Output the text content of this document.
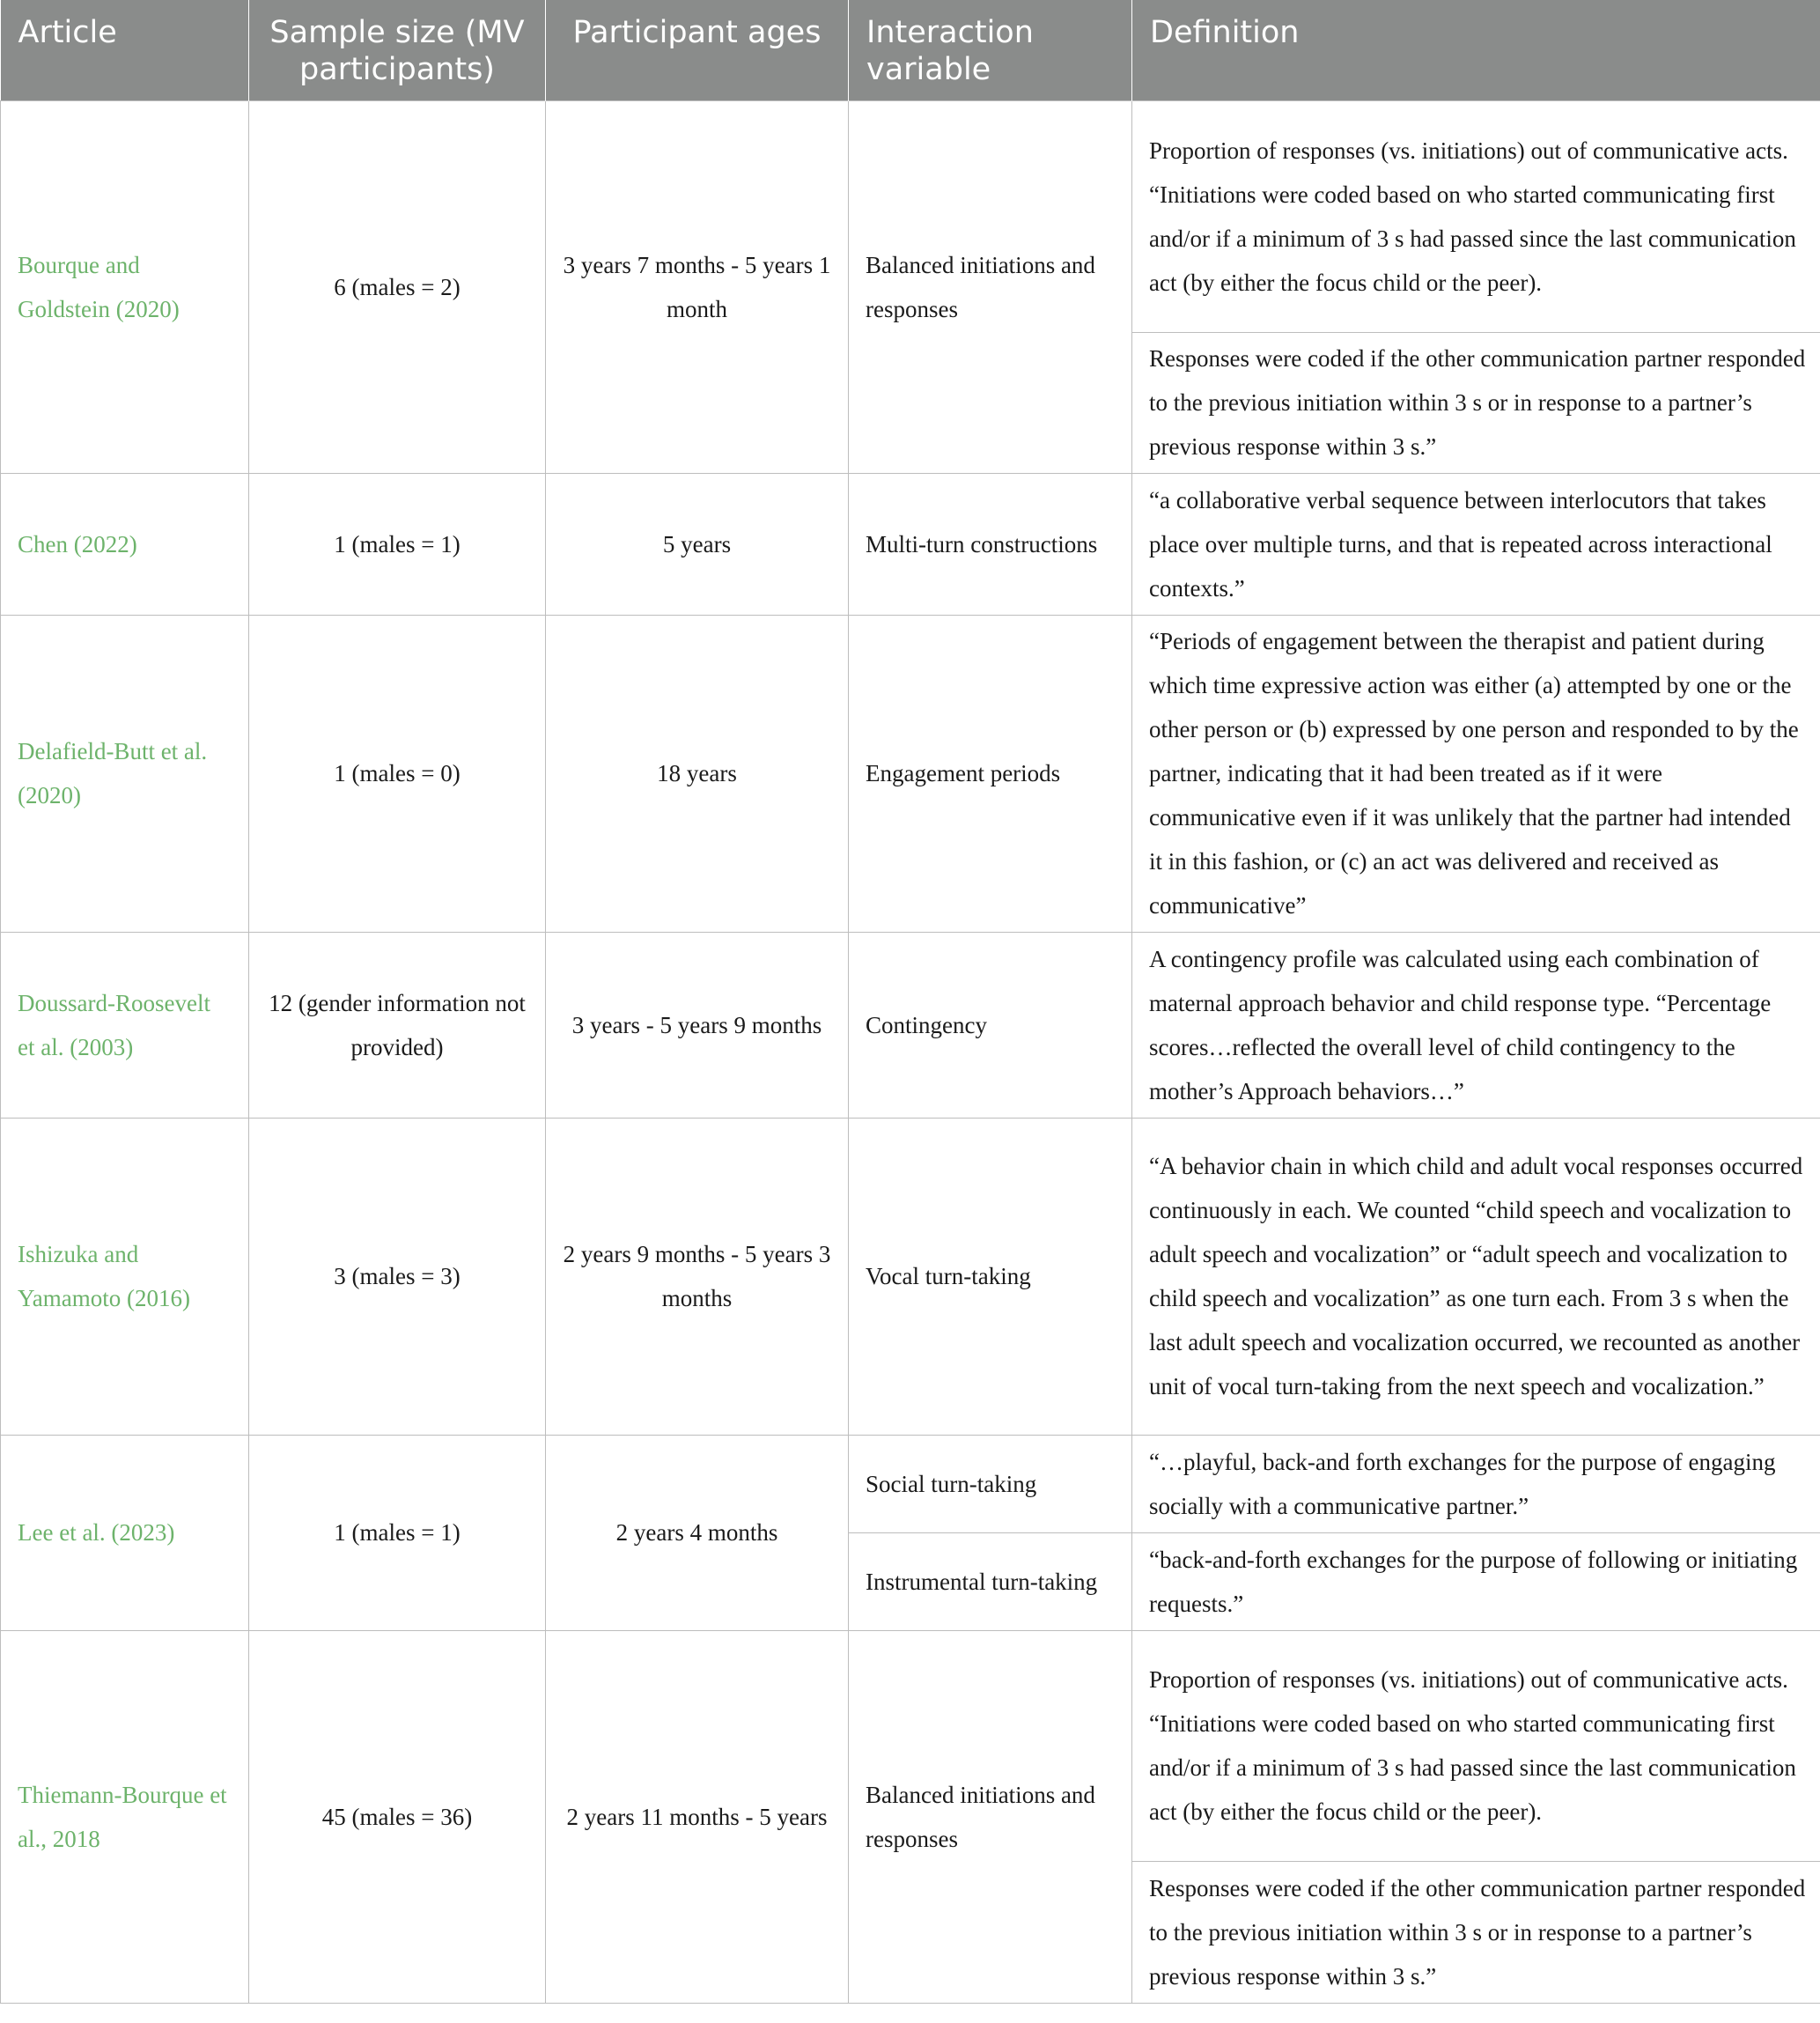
Article	Sample size (MV participants)	Participant ages	Interaction variable	Definition

Bourque and Goldstein (2020)	6 (males = 2)	3 years 7 months - 5 years 1 month	Balanced initiations and responses	Proportion of responses (vs. initiations) out of communicative acts. “Initiations were coded based on who started communicating first and/or if a minimum of 3 s had passed since the last communication act (by either the focus child or the peer).
				Responses were coded if the other communication partner responded to the previous initiation within 3 s or in response to a partner’s previous response within 3 s.”
Chen (2022)	1 (males = 1)	5 years	Multi-turn constructions	“a collaborative verbal sequence between interlocutors that takes place over multiple turns, and that is repeated across interactional contexts.”
Delafield-Butt et al. (2020)	1 (males = 0)	18 years	Engagement periods	“Periods of engagement between the therapist and patient during which time expressive action was either (a) attempted by one or the other person or (b) expressed by one person and responded to by the partner, indicating that it had been treated as if it were communicative even if it was unlikely that the partner had intended it in this fashion, or (c) an act was delivered and received as communicative”
Doussard-Roosevelt et al. (2003)	12 (gender information not provided)	3 years - 5 years 9 months	Contingency	A contingency profile was calculated using each combination of maternal approach behavior and child response type. “Percentage scores…reflected the overall level of child contingency to the mother’s Approach behaviors…”
Ishizuka and Yamamoto (2016)	3 (males = 3)	2 years 9 months - 5 years 3 months	Vocal turn-taking	“A behavior chain in which child and adult vocal responses occurred continuously in each. We counted “child speech and vocalization to adult speech and vocalization” or “adult speech and vocalization to child speech and vocalization” as one turn each. From 3 s when the last adult speech and vocalization occurred, we recounted as another unit of vocal turn-taking from the next speech and vocalization.”
Lee et al. (2023)	1 (males = 1)	2 years 4 months	Social turn-taking	“…playful, back-and forth exchanges for the purpose of engaging socially with a communicative partner.”
			Instrumental turn-taking	“back-and-forth exchanges for the purpose of following or initiating requests.”
Thiemann-Bourque et al., 2018	45 (males = 36)	2 years 11 months - 5 years	Balanced initiations and responses	Proportion of responses (vs. initiations) out of communicative acts. “Initiations were coded based on who started communicating first and/or if a minimum of 3 s had passed since the last communication act (by either the focus child or the peer).
				Responses were coded if the other communication partner responded to the previous initiation within 3 s or in response to a partner’s previous response within 3 s.”
